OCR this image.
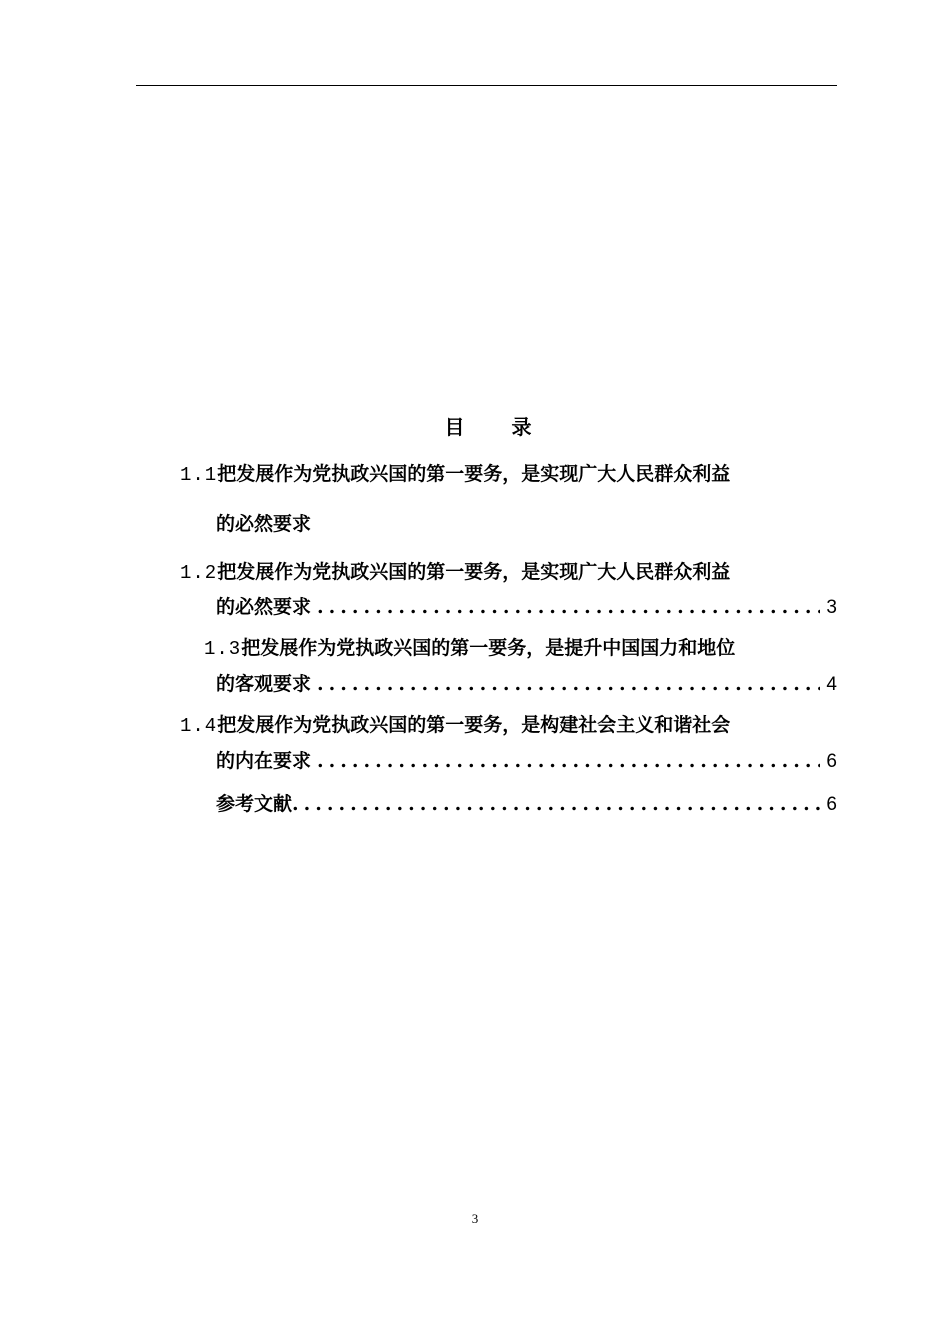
目 录
1.1把发展作为党执政兴国的第一要务，是实现广大人民群众利益
的必然要求
1.2把发展作为党执政兴国的第一要务，是实现广大人民群众利益
的必然要求 .....	3
1.3把发展作为党执政兴国的第一要务，是提升中国国力和地位
的客观要求 .....	4
1.4把发展作为党执政兴国的第一要务，是构建社会主义和谐社会
的内在要求 .....	6
参考文献 .....	6
3
